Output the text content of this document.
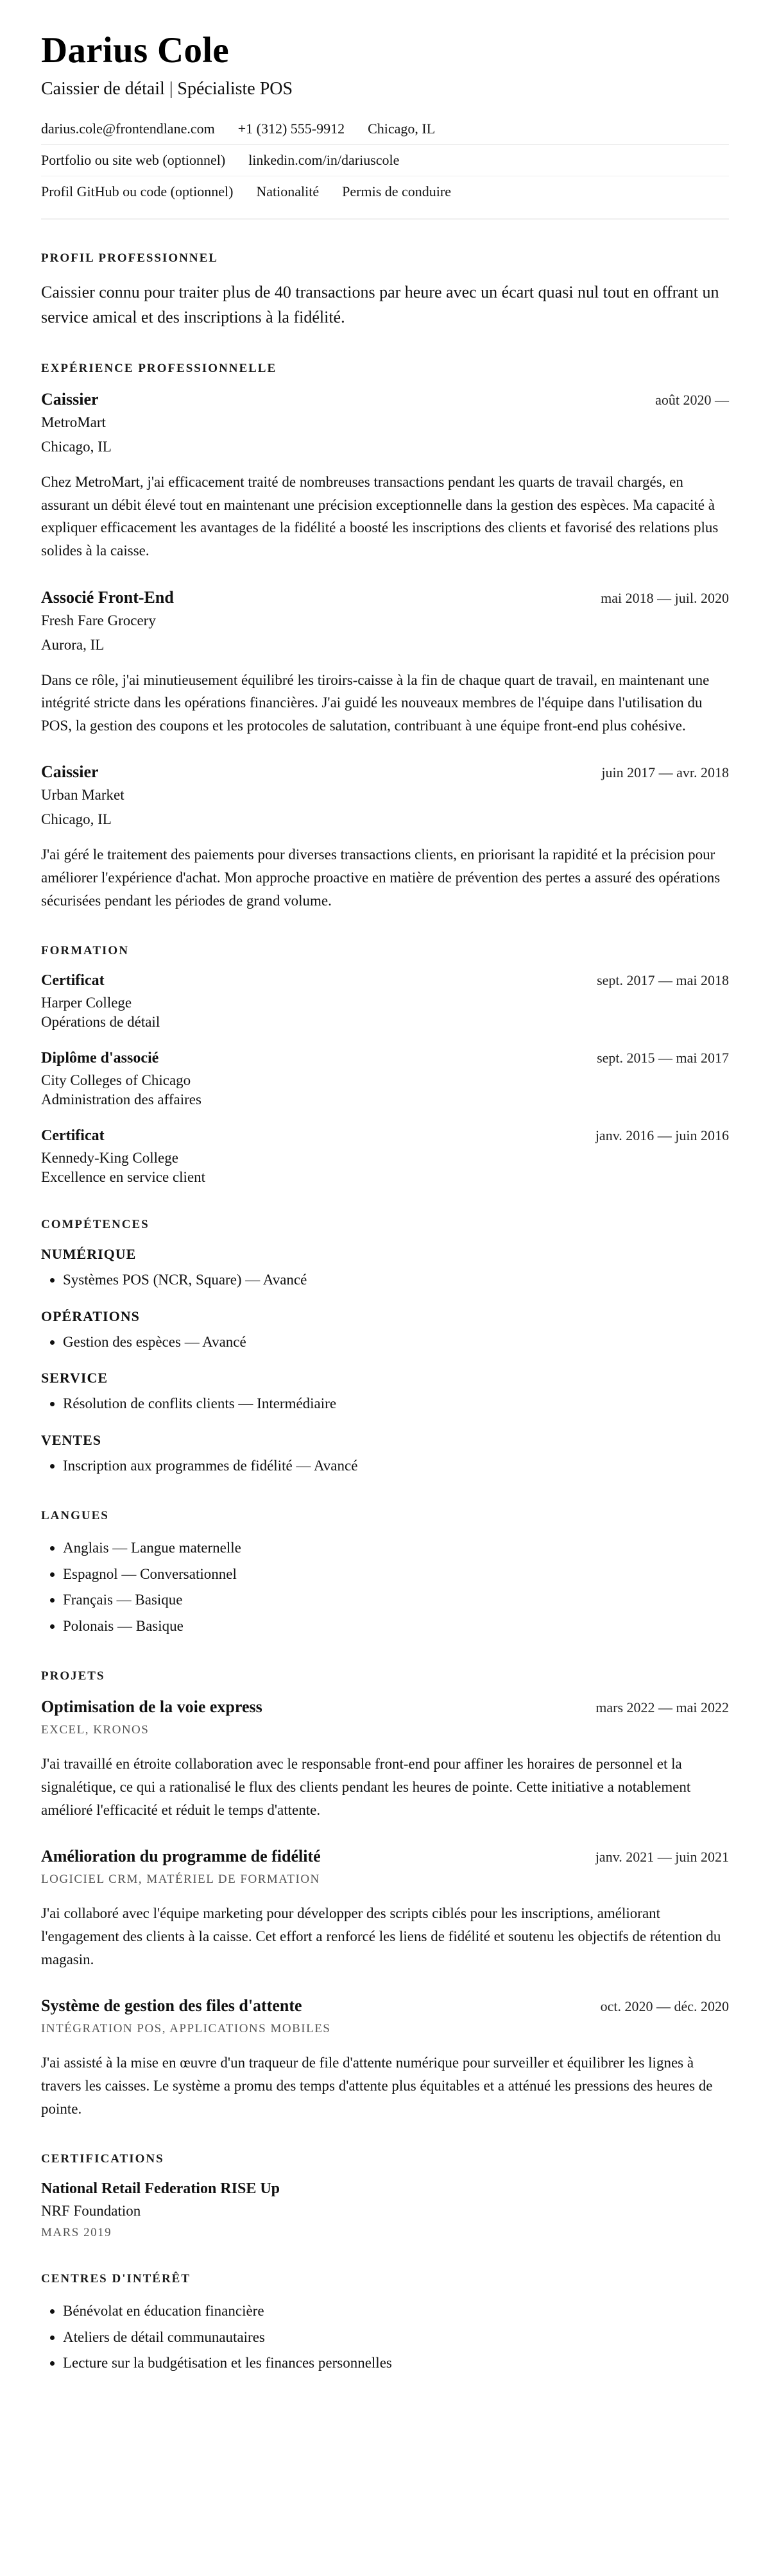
Darius Cole
Caissier de détail | Spécialiste POS
darius.cole@frontendlane.com +1 (312) 555-9912 Chicago, IL
Portfolio ou site web (optionnel) linkedin.com/in/dariuscole
Profil GitHub ou code (optionnel) Nationalité Permis de conduire
PROFIL PROFESSIONNEL

Caissier connu pour traiter plus de 40 transactions par heure avec un écart quasi nul tout en offrant un service amical et des inscriptions à la fidélité.

EXPÉRIENCE PROFESSIONNELLE
Caissier	août 2020 —
MetroMart
Chicago, IL

Chez MetroMart, j'ai efficacement traité de nombreuses transactions pendant les quarts de travail chargés, en assurant un débit élevé tout en maintenant une précision exceptionnelle dans la gestion des espèces. Ma capacité à expliquer efficacement les avantages de la fidélité a boosté les inscriptions des clients et favorisé des relations plus solides à la caisse.

Associé Front-End	mai 2018 — juil. 2020
Fresh Fare Grocery
Aurora, IL

Dans ce rôle, j'ai minutieusement équilibré les tiroirs-caisse à la fin de chaque quart de travail, en maintenant une intégrité stricte dans les opérations financières. J'ai guidé les nouveaux membres de l'équipe dans l'utilisation du POS, la gestion des coupons et les protocoles de salutation, contribuant à une équipe front-end plus cohésive.

Caissier	juin 2017 — avr. 2018
Urban Market
Chicago, IL

J'ai géré le traitement des paiements pour diverses transactions clients, en priorisant la rapidité et la précision pour améliorer l'expérience d'achat. Mon approche proactive en matière de prévention des pertes a assuré des opérations sécurisées pendant les périodes de grand volume.

FORMATION
Certificat	sept. 2017 — mai 2018
Harper College
Opérations de détail
Diplôme d'associé	sept. 2015 — mai 2017
City Colleges of Chicago
Administration des affaires
Certificat	janv. 2016 — juin 2016
Kennedy-King College
Excellence en service client
COMPÉTENCES
NUMÉRIQUE
• Systèmes POS (NCR, Square) — Avancé
OPÉRATIONS
• Gestion des espèces — Avancé
SERVICE
• Résolution de conflits clients — Intermédiaire
VENTES
• Inscription aux programmes de fidélité — Avancé
LANGUES
• Anglais — Langue maternelle
• Espagnol — Conversationnel
• Français — Basique
• Polonais — Basique
PROJETS
Optimisation de la voie express	mars 2022 — mai 2022
EXCEL, KRONOS

J'ai travaillé en étroite collaboration avec le responsable front-end pour affiner les horaires de personnel et la signalétique, ce qui a rationalisé le flux des clients pendant les heures de pointe. Cette initiative a notablement amélioré l'efficacité et réduit le temps d'attente.

Amélioration du programme de fidélité	janv. 2021 — juin 2021
LOGICIEL CRM, MATÉRIEL DE FORMATION

J'ai collaboré avec l'équipe marketing pour développer des scripts ciblés pour les inscriptions, améliorant l'engagement des clients à la caisse. Cet effort a renforcé les liens de fidélité et soutenu les objectifs de rétention du magasin.

Système de gestion des files d'attente	oct. 2020 — déc. 2020
INTÉGRATION POS, APPLICATIONS MOBILES

J'ai assisté à la mise en œuvre d'un traqueur de file d'attente numérique pour surveiller et équilibrer les lignes à travers les caisses. Le système a promu des temps d'attente plus équitables et a atténué les pressions des heures de pointe.

CERTIFICATIONS
National Retail Federation RISE Up
NRF Foundation
MARS 2019
CENTRES D'INTÉRÊT
• Bénévolat en éducation financière
• Ateliers de détail communautaires
• Lecture sur la budgétisation et les finances personnelles
